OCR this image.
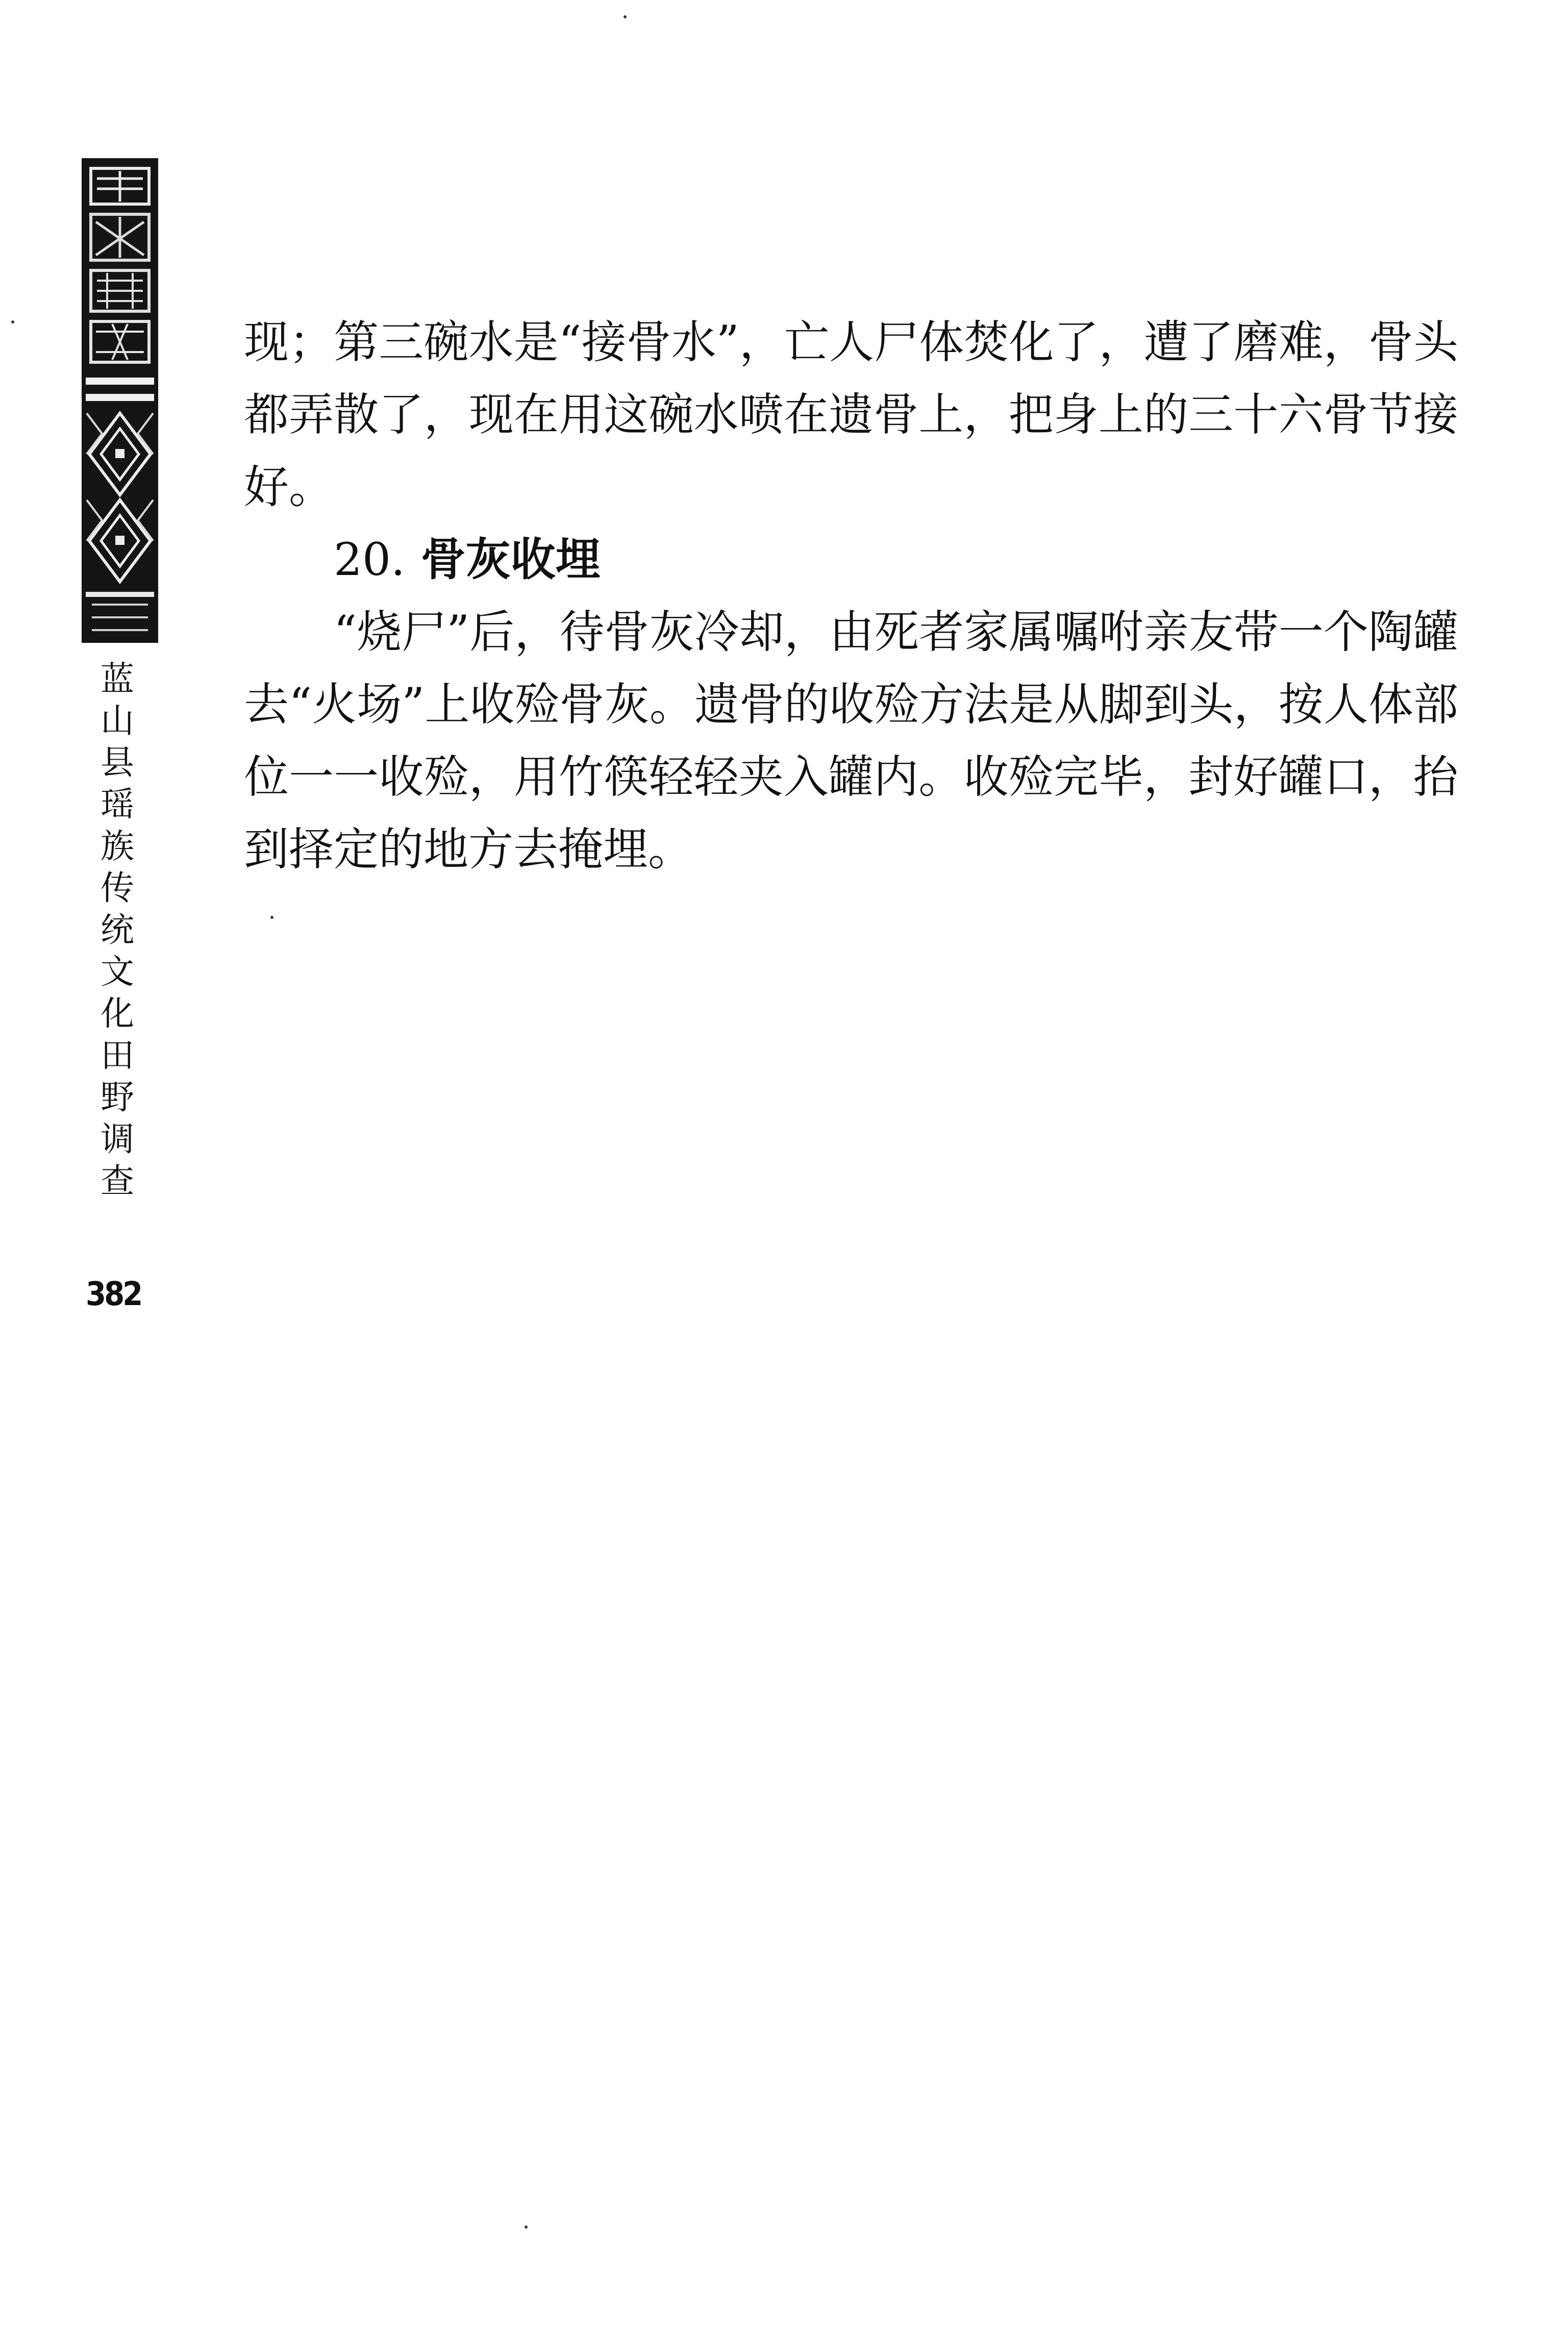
蓝
山
县
瑶
族
传
统
文
化
田
野
调
查
382

现；第三碗水是“接骨水”，亡人尸体焚化了，遭了磨难，骨头都弄散了，现在用这碗水喷在遗骨上，把身上的三十六骨节接好。

20. 骨灰收埋

“烧尸”后，待骨灰冷却，由死者家属嘱咐亲友带一个陶罐去“火场”上收殓骨灰。遗骨的收殓方法是从脚到头，按人体部位一一收殓，用竹筷轻轻夹入罐内。收殓完毕，封好罐口，抬到择定的地方去掩埋。
